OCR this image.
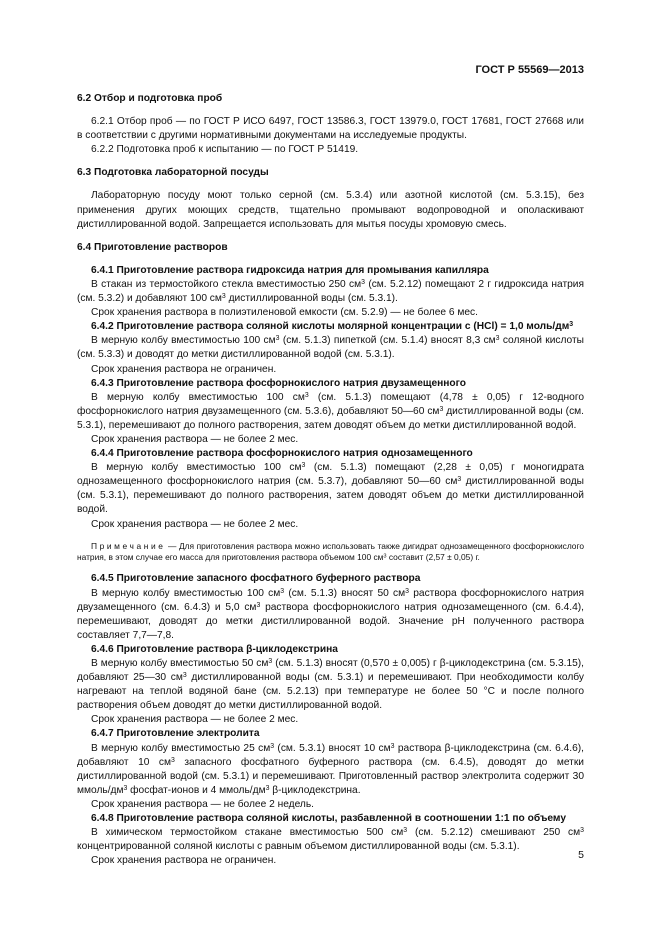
ГОСТ Р 55569—2013

6.2 Отбор и подготовка проб

6.2.1 Отбор проб — по ГОСТ Р ИСО 6497, ГОСТ 13586.3, ГОСТ 13979.0, ГОСТ 17681, ГОСТ 27668 или в соответствии с другими нормативными документами на исследуемые продукты.

6.2.2 Подготовка проб к испытанию — по ГОСТ Р 51419.

6.3 Подготовка лабораторной посуды

Лабораторную посуду моют только серной (см. 5.3.4) или азотной кислотой (см. 5.3.15), без применения других моющих средств, тщательно промывают водопроводной и ополаскивают дистиллированной водой. Запрещается использовать для мытья посуды хромовую смесь.

6.4 Приготовление растворов

6.4.1 Приготовление раствора гидроксида натрия для промывания капилляра

В стакан из термостойкого стекла вместимостью 250 $см^3$ (см. 5.2.12) помещают 2 г гидроксида натрия (см. 5.3.2) и добавляют 100 $см^3$ дистиллированной воды (см. 5.3.1).

Срок хранения раствора в полиэтиленовой емкости (см. 5.2.9) — не более 6 мес.

6.4.2 Приготовление раствора соляной кислоты молярной концентрации с (HCl) = 1,0 моль/$дм^3$

В мерную колбу вместимостью 100 $см^3$ (см. 5.1.3) пипеткой (см. 5.1.4) вносят 8,3 $см^3$ соляной кислоты (см. 5.3.3) и доводят до метки дистиллированной водой (см. 5.3.1).

Срок хранения раствора не ограничен.

6.4.3 Приготовление раствора фосфорнокислого натрия двузамещенного

В мерную колбу вместимостью 100 $см^3$ (см. 5.1.3) помещают (4,78 ± 0,05) г 12-водного фосфорнокислого натрия двузамещенного (см. 5.3.6), добавляют 50—60 $см^3$ дистиллированной воды (см. 5.3.1), перемешивают до полного растворения, затем доводят объем до метки дистиллированной водой.

Срок хранения раствора — не более 2 мес.

6.4.4 Приготовление раствора фосфорнокислого натрия однозамещенного

В мерную колбу вместимостью 100 $см^3$ (см. 5.1.3) помещают (2,28 ± 0,05) г моногидрата однозамещенного фосфорнокислого натрия (см. 5.3.7), добавляют 50—60 $см^3$ дистиллированной воды (см. 5.3.1), перемешивают до полного растворения, затем доводят объем до метки дистиллированной водой.

Срок хранения раствора — не более 2 мес.

Примечание — Для приготовления раствора можно использовать также дигидрат однозамещенного фосфорнокислого натрия, в этом случае его масса для приготовления раствора объемом 100 $см^3$ составит (2,57 ± 0,05) г.

6.4.5 Приготовление запасного фосфатного буферного раствора

В мерную колбу вместимостью 100 $см^3$ (см. 5.1.3) вносят 50 $см^3$ раствора фосфорнокислого натрия двузамещенного (см. 6.4.3) и 5,0 $см^3$ раствора фосфорнокислого натрия однозамещенного (см. 6.4.4), перемешивают, доводят до метки дистиллированной водой. Значение pH полученного раствора составляет 7,7—7,8.

6.4.6 Приготовление раствора β-циклодекстрина

В мерную колбу вместимостью 50 $см^3$ (см. 5.1.3) вносят (0,570 ± 0,005) г β-циклодекстрина (см. 5.3.15), добавляют 25—30 $см^3$ дистиллированной воды (см. 5.3.1) и перемешивают. При необходимости колбу нагревают на теплой водяной бане (см. 5.2.13) при температуре не более 50 °С и после полного растворения объем доводят до метки дистиллированной водой.

Срок хранения раствора — не более 2 мес.

6.4.7 Приготовление электролита

В мерную колбу вместимостью 25 $см^3$ (см. 5.3.1) вносят 10 $см^3$ раствора β-циклодекстрина (см. 6.4.6), добавляют 10 $см^3$ запасного фосфатного буферного раствора (см. 6.4.5), доводят до метки дистиллированной водой (см. 5.3.1) и перемешивают. Приготовленный раствор электролита содержит 30 ммоль/$дм^3$ фосфат-ионов и 4 ммоль/$дм^3$ β-циклодекстрина.

Срок хранения раствора — не более 2 недель.

6.4.8 Приготовление раствора соляной кислоты, разбавленной в соотношении 1:1 по объему

В химическом термостойком стакане вместимостью 500 $см^3$ (см. 5.2.12) смешивают 250 $см^3$ концентрированной соляной кислоты с равным объемом дистиллированной воды (см. 5.3.1).

Срок хранения раствора не ограничен.	5
